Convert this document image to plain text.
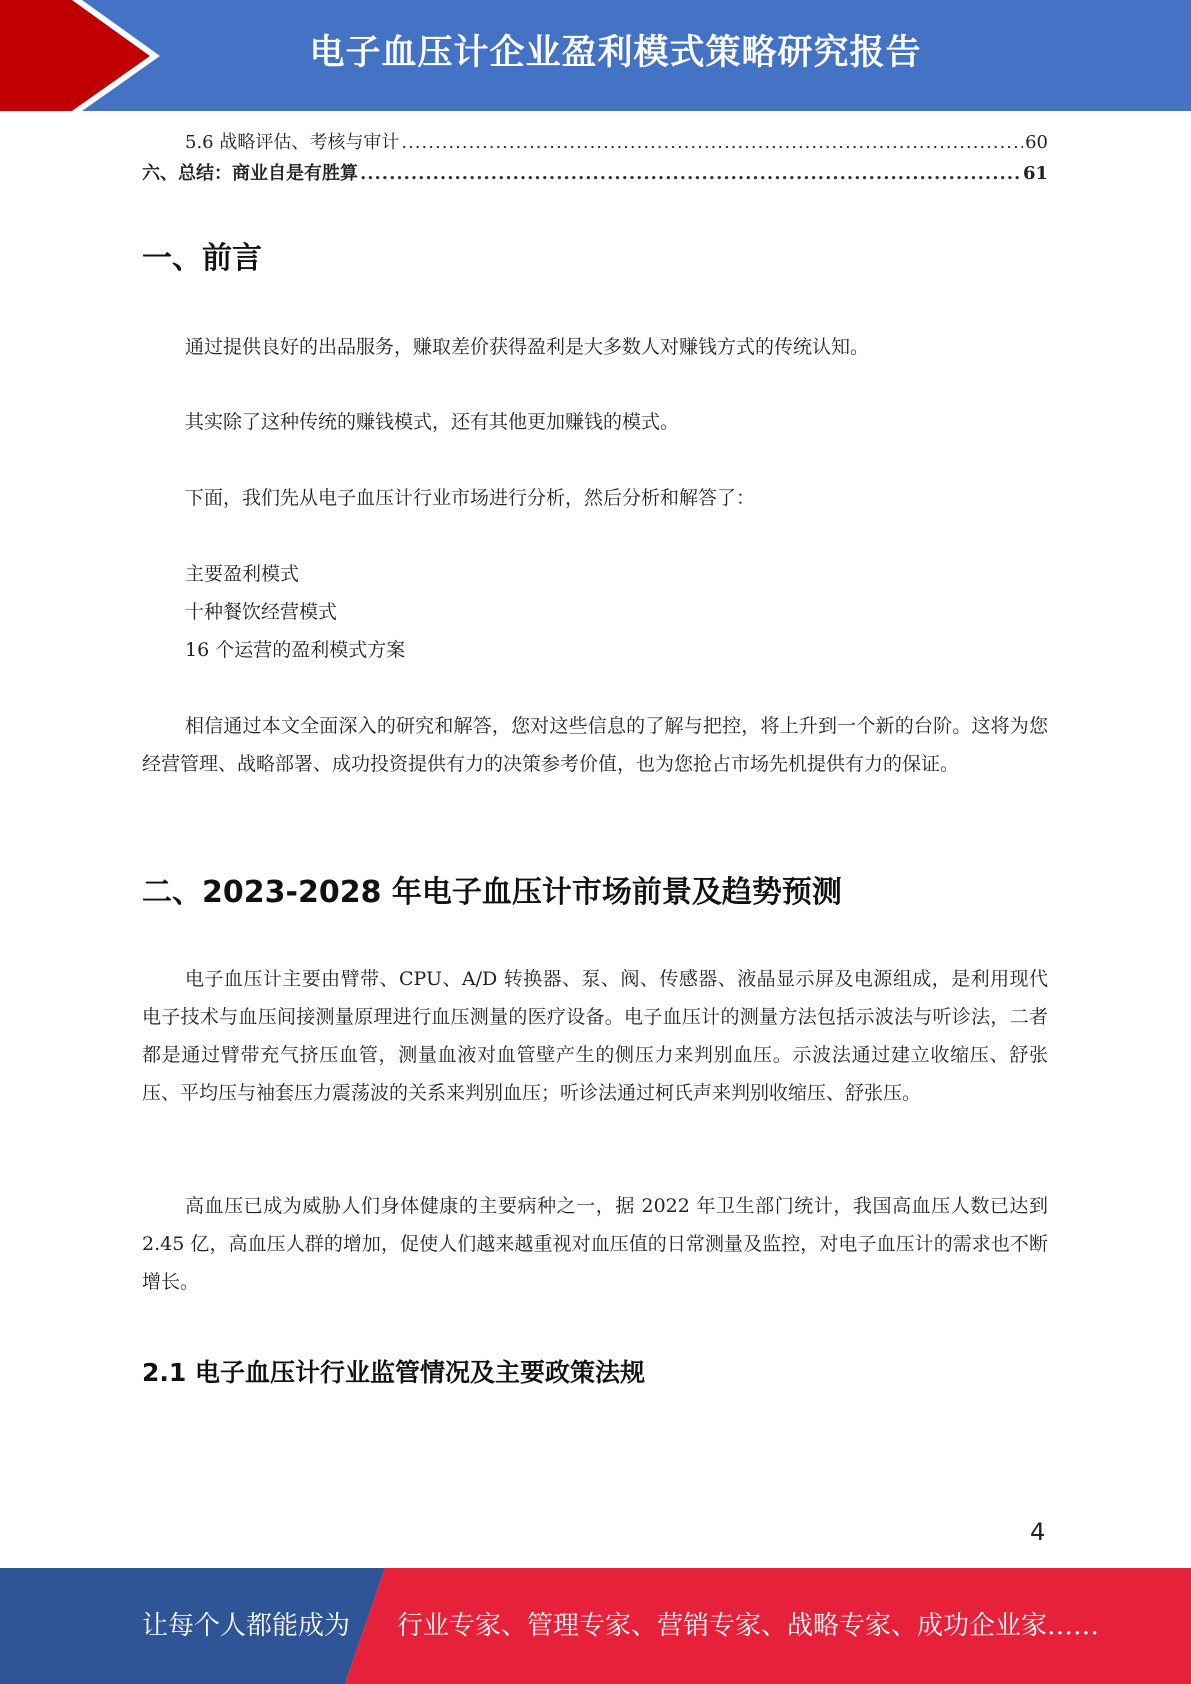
电子血压计企业盈利模式策略研究报告
5.6 战略评估、考核与审计 .....	60
六、总结：商业自是有胜算 .....	61
一、前言

通过提供良好的出品服务，赚取差价获得盈利是大多数人对赚钱方式的传统认知。

其实除了这种传统的赚钱模式，还有其他更加赚钱的模式。

下面，我们先从电子血压计行业市场进行分析，然后分析和解答了：

主要盈利模式
十种餐饮经营模式
16 个运营的盈利模式方案

相信通过本文全面深入的研究和解答，您对这些信息的了解与把控，将上升到一个新的台阶。这将为您经营管理、战略部署、成功投资提供有力的决策参考价值，也为您抢占市场先机提供有力的保证。

二、2023-2028 年电子血压计市场前景及趋势预测

电子血压计主要由臂带、CPU、A/D 转换器、泵、阀、传感器、液晶显示屏及电源组成，是利用现代电子技术与血压间接测量原理进行血压测量的医疗设备。电子血压计的测量方法包括示波法与听诊法，二者都是通过臂带充气挤压血管，测量血液对血管壁产生的侧压力来判别血压。示波法通过建立收缩压、舒张压、平均压与袖套压力震荡波的关系来判别血压；听诊法通过柯氏声来判别收缩压、舒张压。

高血压已成为威胁人们身体健康的主要病种之一，据 2022 年卫生部门统计，我国高血压人数已达到 2.45 亿，高血压人群的增加，促使人们越来越重视对血压值的日常测量及监控，对电子血压计的需求也不断增长。

2.1 电子血压计行业监管情况及主要政策法规
4
让每个人都能成为 行业专家、管理专家、营销专家、战略专家、成功企业家……
